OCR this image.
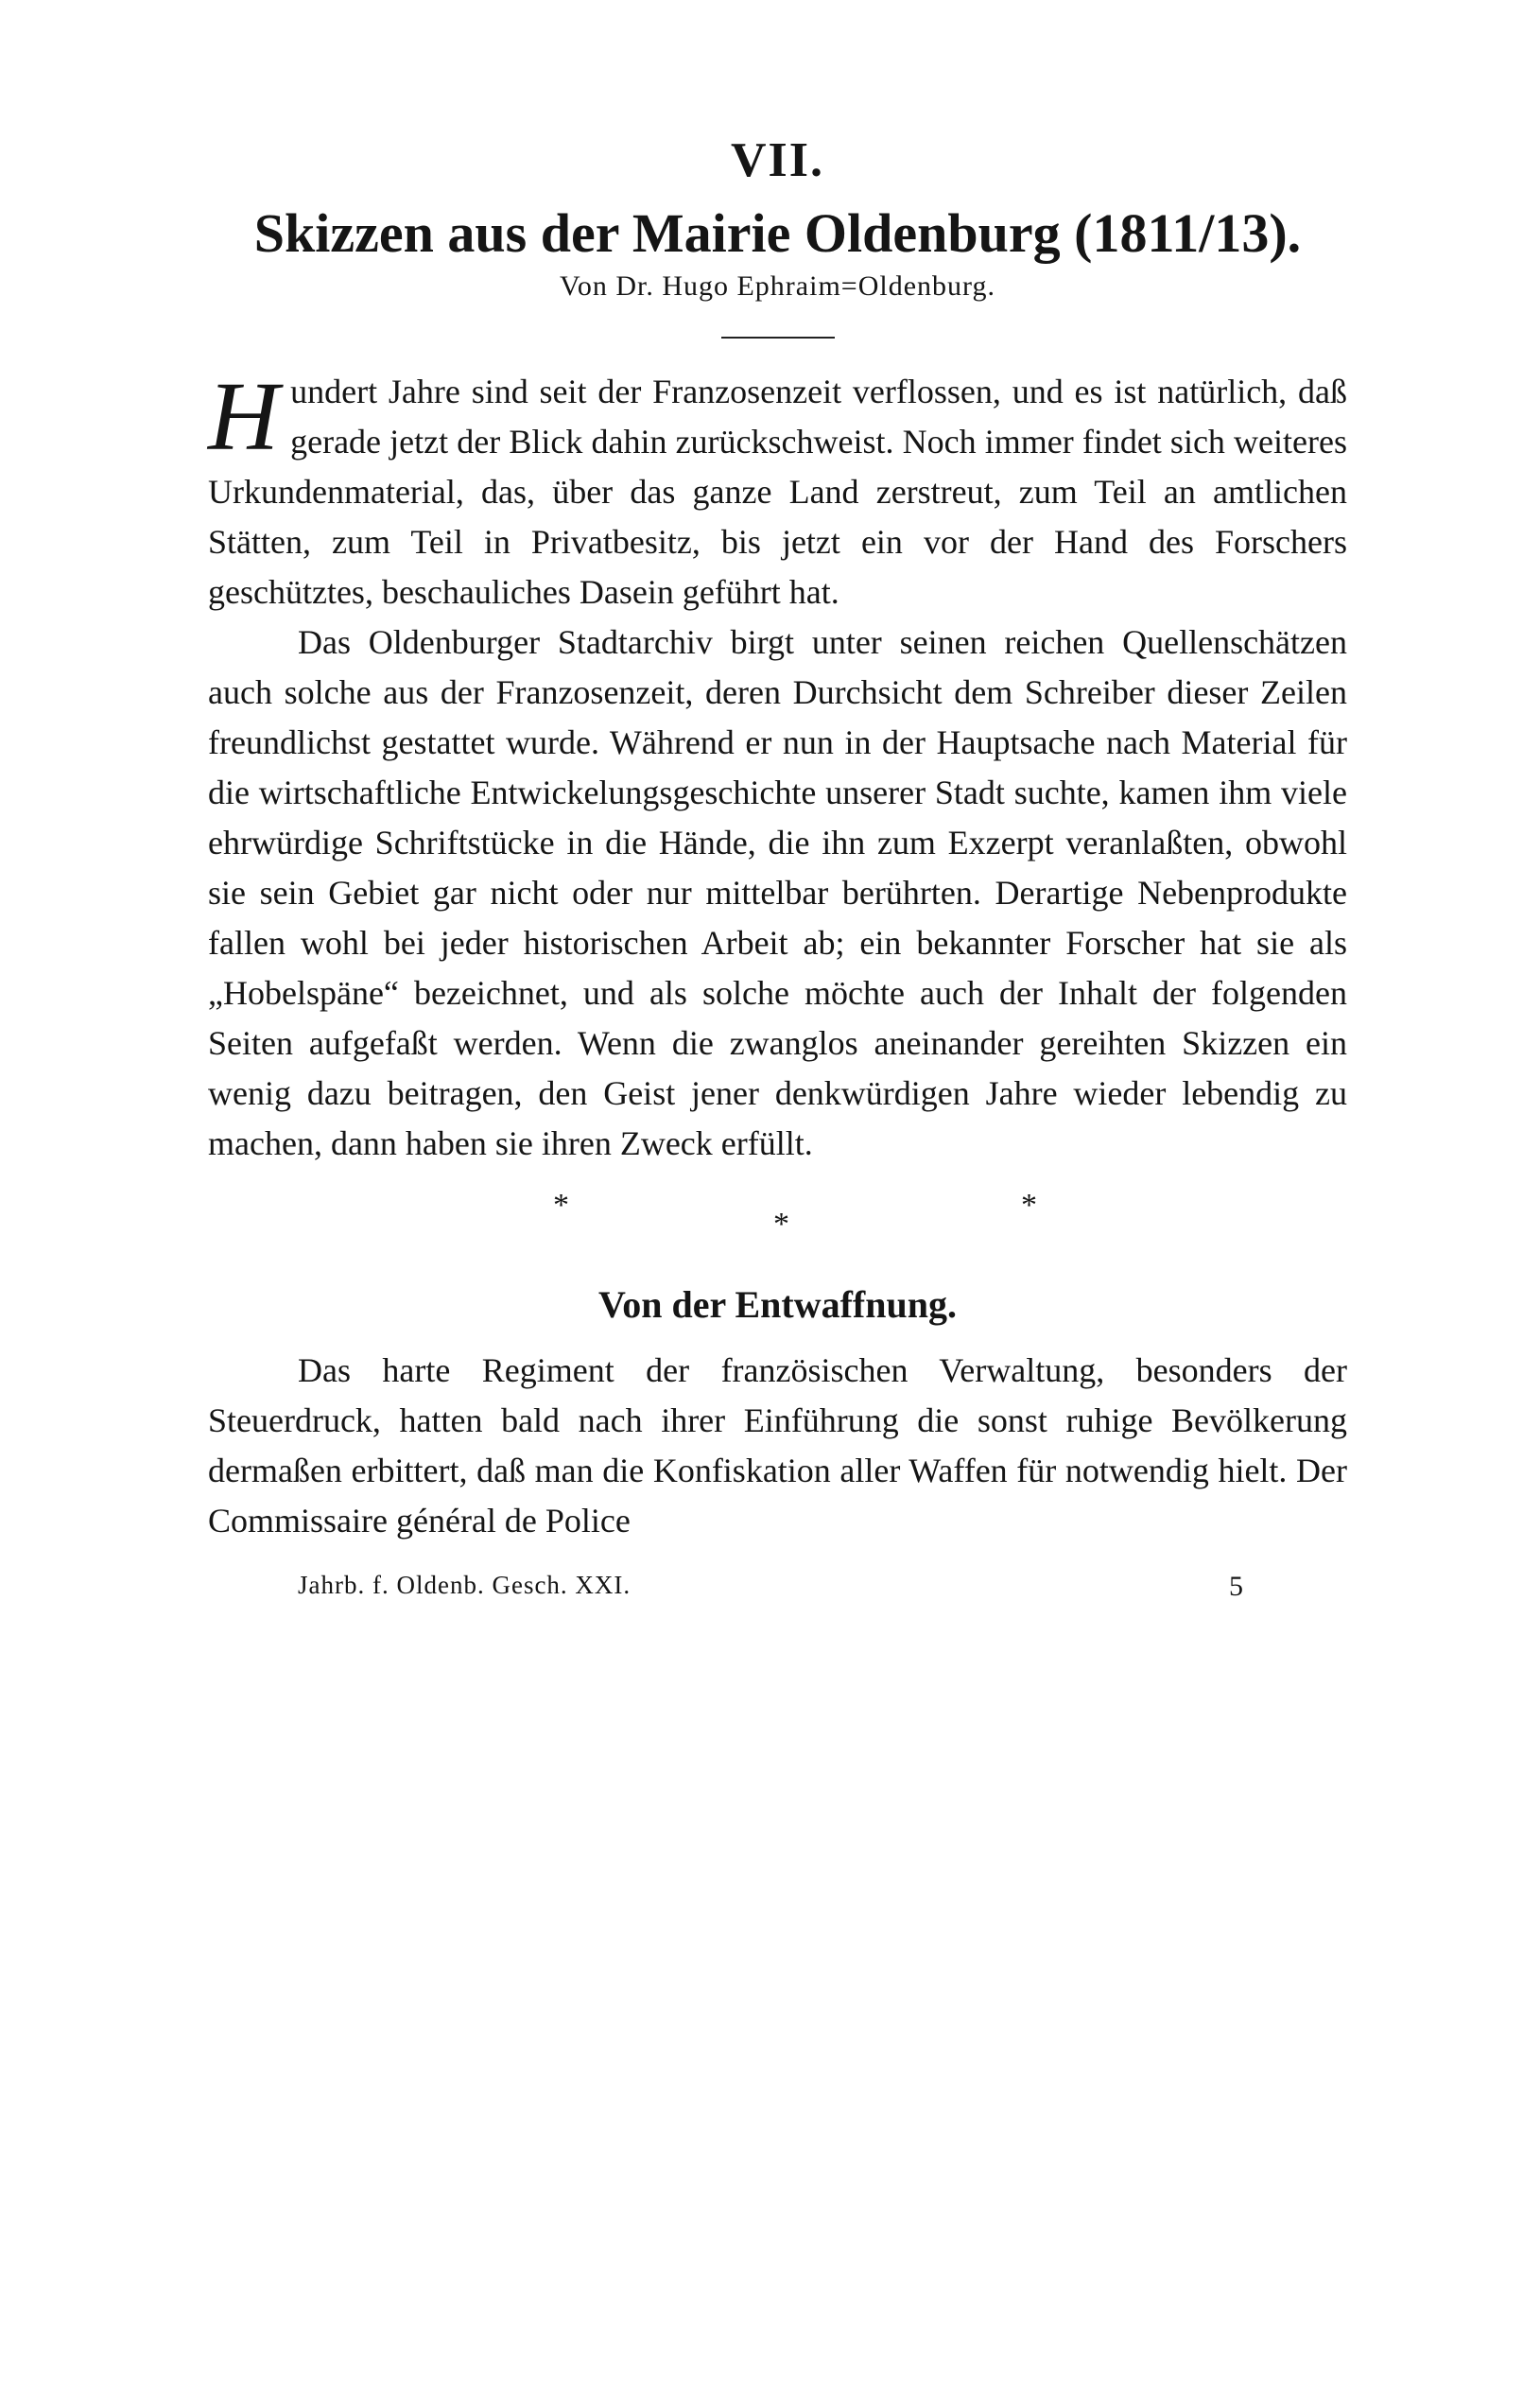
VII.
Skizzen aus der Mairie Oldenburg (1811/13).
Von Dr. Hugo Ephraim=Oldenburg.

Hundert Jahre sind seit der Franzosenzeit verflossen, und es ist natürlich, daß gerade jetzt der Blick dahin zurückschweist. Noch immer findet sich weiteres Urkundenmaterial, das, über das ganze Land zerstreut, zum Teil an amtlichen Stätten, zum Teil in Privatbesitz, bis jetzt ein vor der Hand des Forschers geschütztes, beschauliches Dasein geführt hat.

Das Oldenburger Stadtarchiv birgt unter seinen reichen Quellenschätzen auch solche aus der Franzosenzeit, deren Durchsicht dem Schreiber dieser Zeilen freundlichst gestattet wurde. Während er nun in der Hauptsache nach Material für die wirtschaftliche Entwickelungsgeschichte unserer Stadt suchte, kamen ihm viele ehrwürdige Schriftstücke in die Hände, die ihn zum Exzerpt veranlaßten, obwohl sie sein Gebiet gar nicht oder nur mittelbar berührten. Derartige Nebenprodukte fallen wohl bei jeder historischen Arbeit ab; ein bekannter Forscher hat sie als „Hobelspäne“ bezeichnet, und als solche möchte auch der Inhalt der folgenden Seiten aufgefaßt werden. Wenn die zwanglos aneinander gereihten Skizzen ein wenig dazu beitragen, den Geist jener denkwürdigen Jahre wieder lebendig zu machen, dann haben sie ihren Zweck erfüllt.

*
*
*
Von der Entwaffnung.

Das harte Regiment der französischen Verwaltung, besonders der Steuerdruck, hatten bald nach ihrer Einführung die sonst ruhige Bevölkerung dermaßen erbittert, daß man die Konfiskation aller Waffen für notwendig hielt. Der Commissaire général de Police

Jahrb. f. Oldenb. Gesch. XXI.	5
